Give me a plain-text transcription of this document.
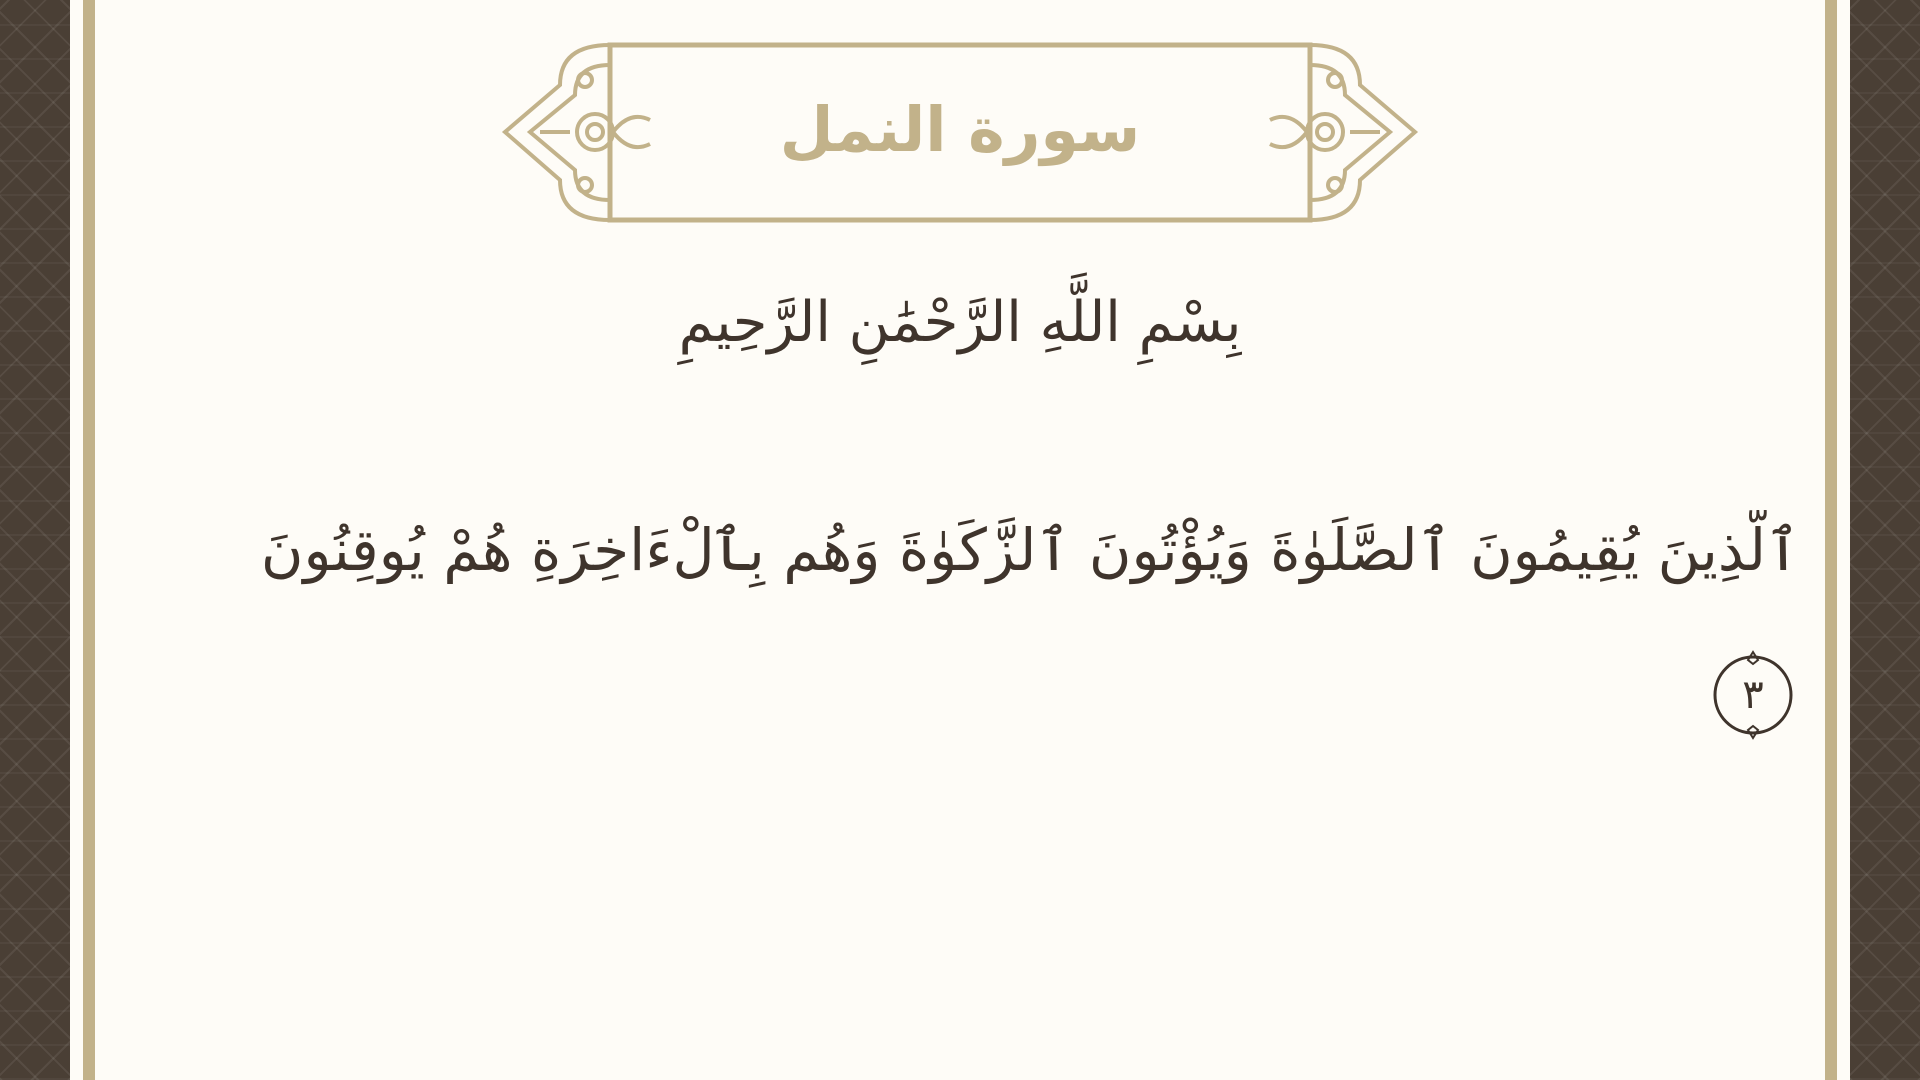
سورة النمل
بِسْمِ اللَّهِ الرَّحْمَٰنِ الرَّحِيمِ
ٱلَّذِينَ يُقِيمُونَ ٱلصَّلَوٰةَ وَيُؤْتُونَ ٱلزَّكَوٰةَ وَهُم بِٱلْءَاخِرَةِ هُمْ يُوقِنُونَ
٣
